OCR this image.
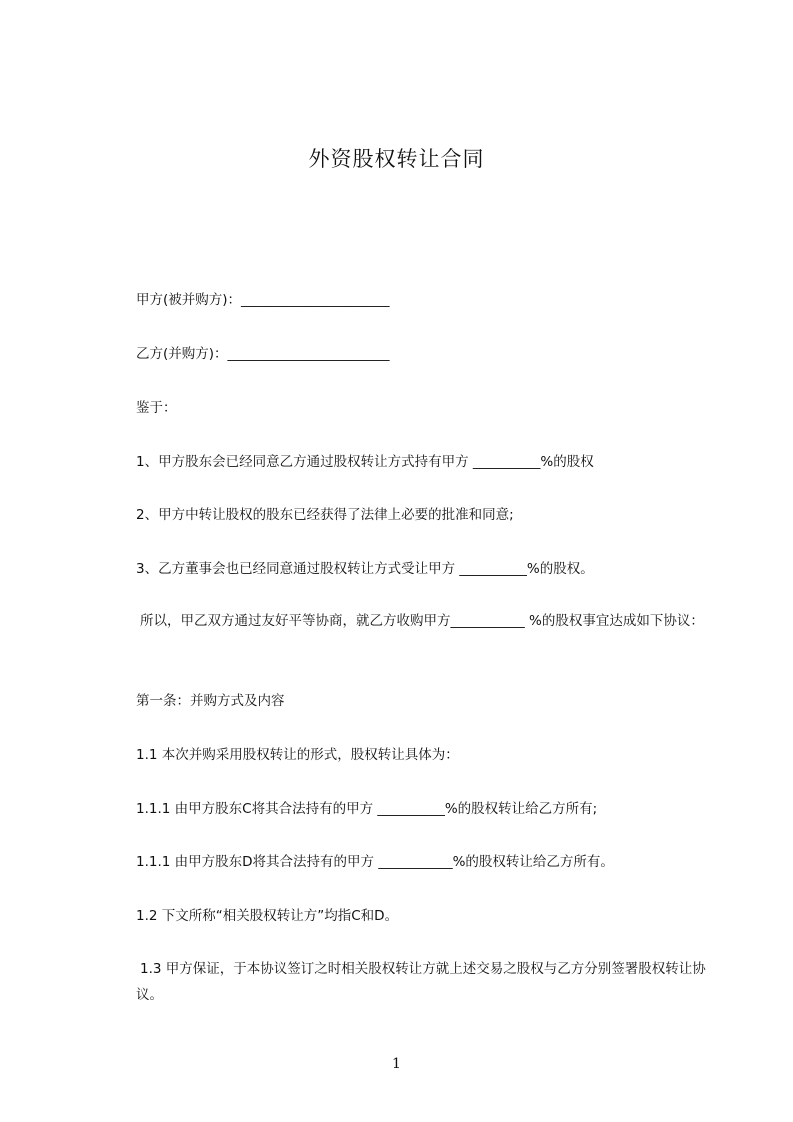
外资股权转让合同
甲方(被并购方)：______________________
乙方(并购方)：________________________
鉴于：
1、甲方股东会已经同意乙方通过股权转让方式持有甲方 __________%的股权
2、甲方中转让股权的股东已经获得了法律上必要的批准和同意;
3、乙方董事会也已经同意通过股权转让方式受让甲方 __________%的股权。
所以，甲乙双方通过友好平等协商，就乙方收购甲方___________ %的股权事宜达成如下协议：
第一条：并购方式及内容
1.1 本次并购采用股权转让的形式，股权转让具体为：
1.1.1 由甲方股东C将其合法持有的甲方 __________%的股权转让给乙方所有;
1.1.1 由甲方股东D将其合法持有的甲方 ___________%的股权转让给乙方所有。
1.2 下文所称“相关股权转让方”均指C和D。
1.3 甲方保证，于本协议签订之时相关股权转让方就上述交易之股权与乙方分别签署股权转让协议。
1
